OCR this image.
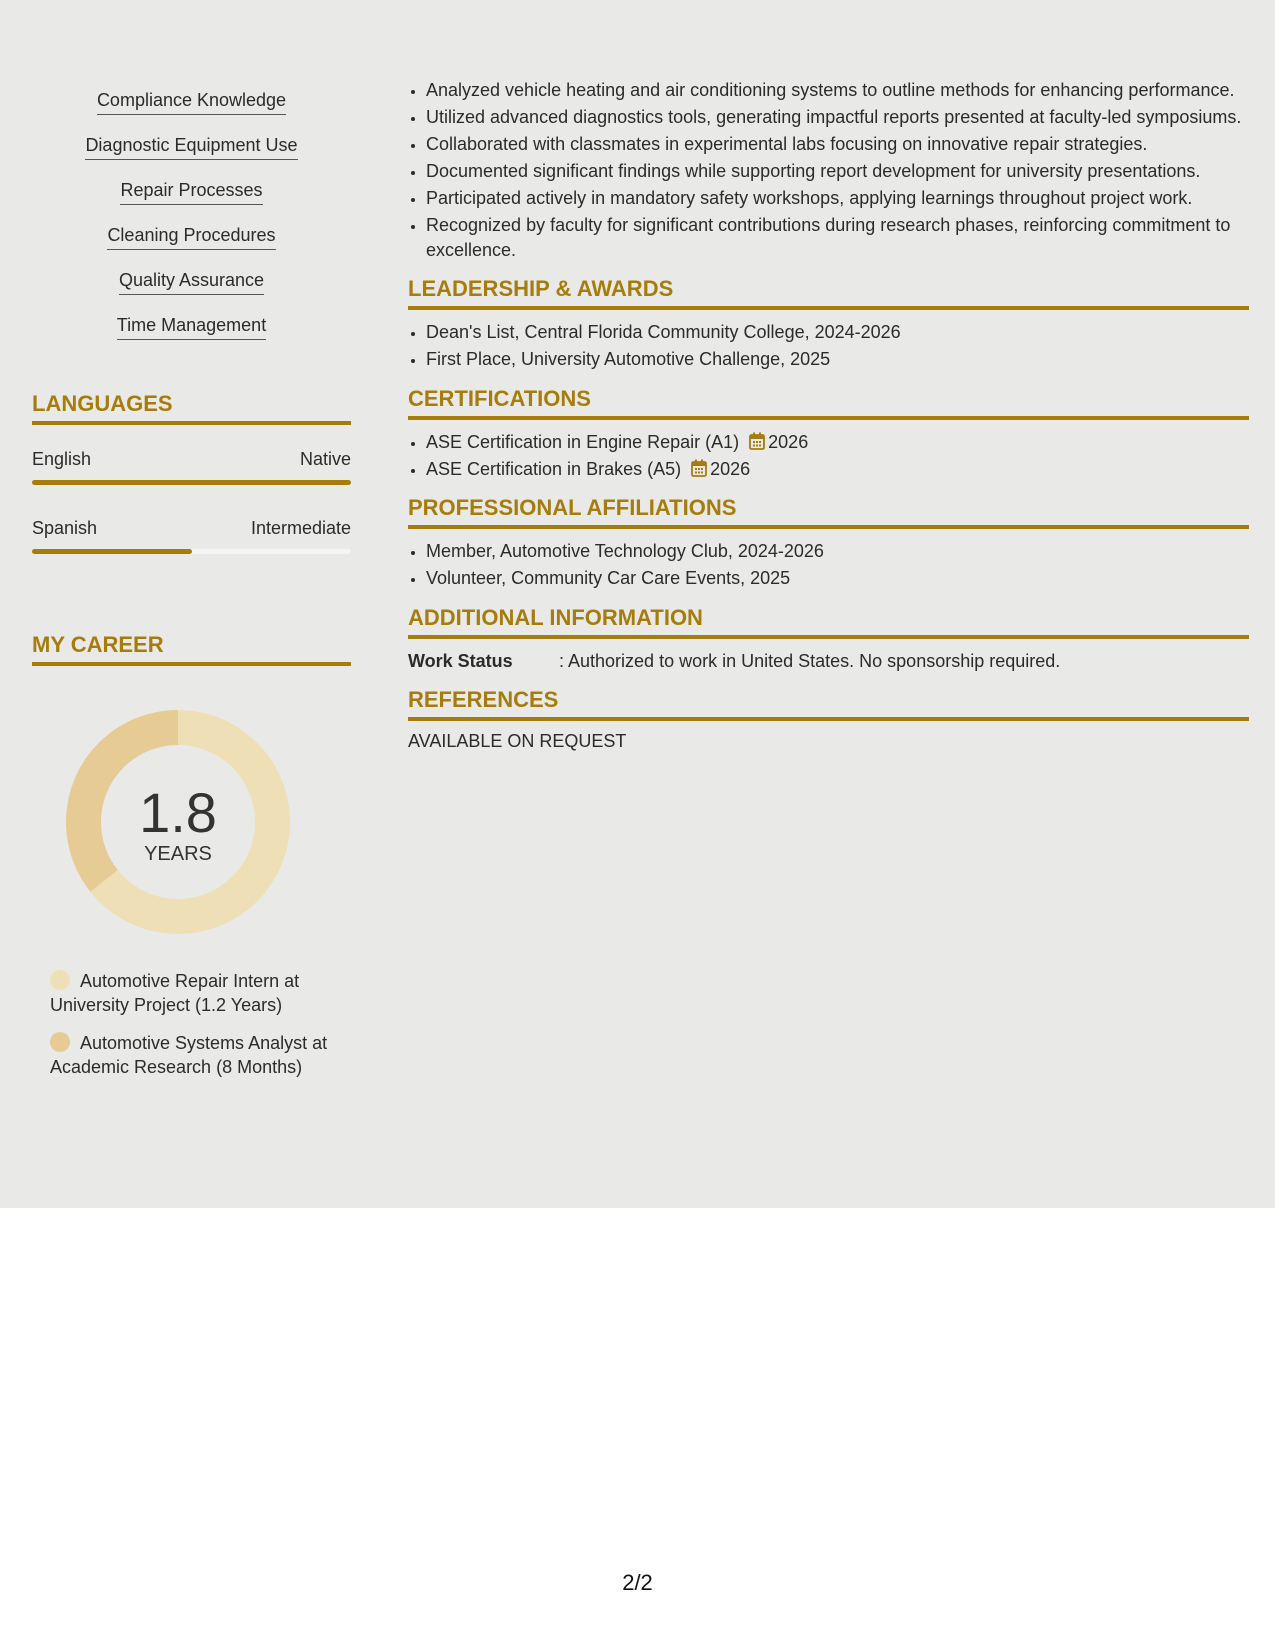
Compliance Knowledge
Diagnostic Equipment Use
Repair Processes
Cleaning Procedures
Quality Assurance
Time Management
LANGUAGES
English	Native
Spanish	Intermediate
MY CAREER
1.8
YEARS
Automotive Repair Intern at University Project (1.2 Years)
Automotive Systems Analyst at Academic Research (8 Months)
• Analyzed vehicle heating and air conditioning systems to outline methods for enhancing performance.
• Utilized advanced diagnostics tools, generating impactful reports presented at faculty-led symposiums.
• Collaborated with classmates in experimental labs focusing on innovative repair strategies.
• Documented significant findings while supporting report development for university presentations.
• Participated actively in mandatory safety workshops, applying learnings throughout project work.
• Recognized by faculty for significant contributions during research phases, reinforcing commitment to excellence.
LEADERSHIP & AWARDS
• Dean's List, Central Florida Community College, 2024-2026
• First Place, University Automotive Challenge, 2025
CERTIFICATIONS
• ASE Certification in Engine Repair (A1) 2026
• ASE Certification in Brakes (A5) 2026
PROFESSIONAL AFFILIATIONS
• Member, Automotive Technology Club, 2024-2026
• Volunteer, Community Car Care Events, 2025
ADDITIONAL INFORMATION
Work Status	: Authorized to work in United States. No sponsorship required.
REFERENCES
AVAILABLE ON REQUEST
2/2
